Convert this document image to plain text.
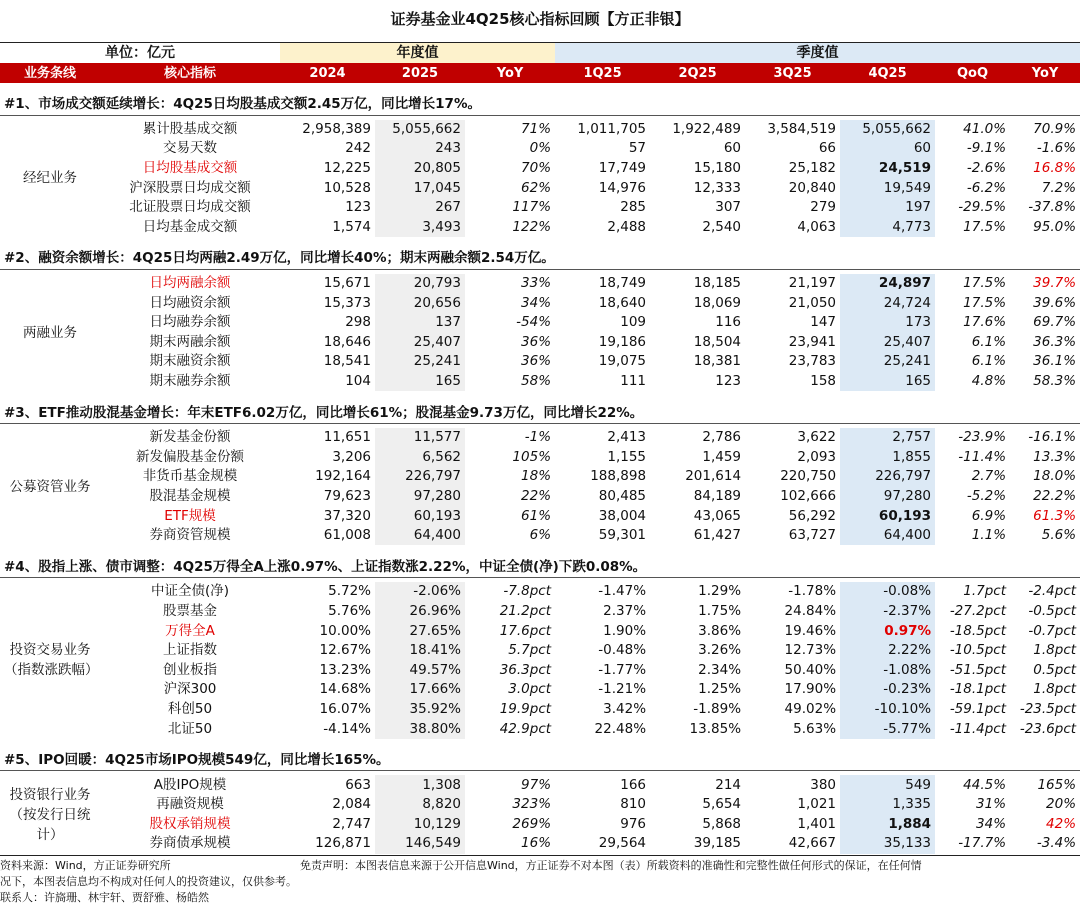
证券基金业4Q25核心指标回顾【方正非银】
单位：亿元		年度值			季度值					
业务条线	核心指标	2024	2025	YoY	1Q25	2Q25	3Q25	4Q25	QoQ	YoY

#1、市场成交额延续增长：4Q25日均股基成交额2.45万亿，同比增长17%。										

经纪业务	累计股基成交额	2,958,389	5,055,662	71%	1,011,705	1,922,489	3,584,519	5,055,662	41.0%	70.9%
	交易天数	242	243	0%	57	60	66	60	-9.1%	-1.6%
	日均股基成交额	12,225	20,805	70%	17,749	15,180	25,182	24,519	-2.6%	16.8%
	沪深股票日均成交额	10,528	17,045	62%	14,976	12,333	20,840	19,549	-6.2%	7.2%
	北证股票日均成交额	123	267	117%	285	307	279	197	-29.5%	-37.8%
	日均基金成交额	1,574	3,493	122%	2,488	2,540	4,063	4,773	17.5%	95.0%

#2、融资余额增长：4Q25日均两融2.49万亿，同比增长40%；期末两融余额2.54万亿。										

两融业务	日均两融余额	15,671	20,793	33%	18,749	18,185	21,197	24,897	17.5%	39.7%
	日均融资余额	15,373	20,656	34%	18,640	18,069	21,050	24,724	17.5%	39.6%
	日均融券余额	298	137	-54%	109	116	147	173	17.6%	69.7%
	期末两融余额	18,646	25,407	36%	19,186	18,504	23,941	25,407	6.1%	36.3%
	期末融资余额	18,541	25,241	36%	19,075	18,381	23,783	25,241	6.1%	36.1%
	期末融券余额	104	165	58%	111	123	158	165	4.8%	58.3%

#3、ETF推动股混基金增长：年末ETF6.02万亿，同比增长61%；股混基金9.73万亿，同比增长22%。										

公募资管业务	新发基金份额	11,651	11,577	-1%	2,413	2,786	3,622	2,757	-23.9%	-16.1%
	新发偏股基金份额	3,206	6,562	105%	1,155	1,459	2,093	1,855	-11.4%	13.3%
	非货币基金规模	192,164	226,797	18%	188,898	201,614	220,750	226,797	2.7%	18.0%
	股混基金规模	79,623	97,280	22%	80,485	84,189	102,666	97,280	-5.2%	22.2%
	ETF规模	37,320	60,193	61%	38,004	43,065	56,292	60,193	6.9%	61.3%
	券商资管规模	61,008	64,400	6%	59,301	61,427	63,727	64,400	1.1%	5.6%

#4、股指上涨、债市调整：4Q25万得全A上涨0.97%、上证指数涨2.22%，中证全债(净)下跌0.08%。										

投资交易业务
（指数涨跌幅）	中证全债(净)	5.72%	-2.06%	-7.8pct	-1.47%	1.29%	-1.78%	-0.08%	1.7pct	-2.4pct
	股票基金	5.76%	26.96%	21.2pct	2.37%	1.75%	24.84%	-2.37%	-27.2pct	-0.5pct
	万得全A	10.00%	27.65%	17.6pct	1.90%	3.86%	19.46%	0.97%	-18.5pct	-0.7pct
	上证指数	12.67%	18.41%	5.7pct	-0.48%	3.26%	12.73%	2.22%	-10.5pct	1.8pct
	创业板指	13.23%	49.57%	36.3pct	-1.77%	2.34%	50.40%	-1.08%	-51.5pct	0.5pct
	沪深300	14.68%	17.66%	3.0pct	-1.21%	1.25%	17.90%	-0.23%	-18.1pct	1.8pct
	科创50	16.07%	35.92%	19.9pct	3.42%	-1.89%	49.02%	-10.10%	-59.1pct	-23.5pct
	北证50	-4.14%	38.80%	42.9pct	22.48%	13.85%	5.63%	-5.77%	-11.4pct	-23.6pct

#5、IPO回暖：4Q25市场IPO规模549亿，同比增长165%。										

投资银行业务
（按发行日统
计）	A股IPO规模	663	1,308	97%	166	214	380	549	44.5%	165%
	再融资规模	2,084	8,820	323%	810	5,654	1,021	1,335	31%	20%
	股权承销规模	2,747	10,129	269%	976	5,868	1,401	1,884	34%	42%
	券商债承规模	126,871	146,549	16%	29,564	39,185	42,667	35,133	-17.7%	-3.4%
资料来源：Wind，方正证券研究所	免责声明：本图表信息来源于公开信息Wind，方正证券不对本图（表）所载资料的准确性和完整性做任何形式的保证，在任何情
况下，本图表信息均不构成对任何人的投资建议，仅供参考。
联系人：许旖珊、林宇轩、贾舒雅、杨皓然
